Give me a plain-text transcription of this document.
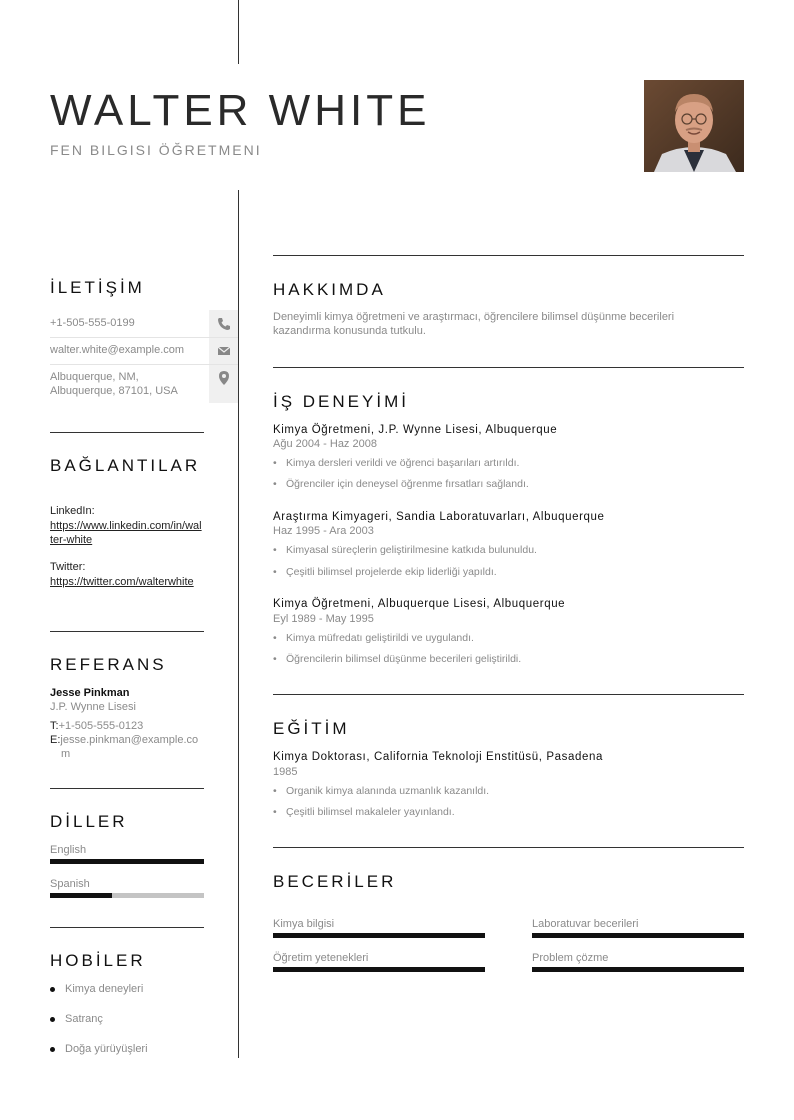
WALTER WHITE
FEN BILGISI ÖĞRETMENI
İLETİŞİM
+1-505-555-0199
walter.white@example.com
Albuquerque, NM,
Albuquerque, 87101, USA
BAĞLANTILAR
LinkedIn:
https://www.linkedin.com/in/walter-white
Twitter:
https://twitter.com/walterwhite
REFERANS
Jesse Pinkman
J.P. Wynne Lisesi
T:+1-505-555-0123
E:jesse.pinkman@example.com
DİLLER
English
Spanish
HOBİLER
Kimya deneyleri
Satranç
Doğa yürüyüşleri
HAKKIMDA
Deneyimli kimya öğretmeni ve araştırmacı, öğrencilere bilimsel düşünme becerileri kazandırma konusunda tutkulu.
İŞ DENEYİMİ
Kimya Öğretmeni, J.P. Wynne Lisesi, Albuquerque
Ağu 2004 - Haz 2008
• Kimya dersleri verildi ve öğrenci başarıları artırıldı.
• Öğrenciler için deneysel öğrenme fırsatları sağlandı.
Araştırma Kimyageri, Sandia Laboratuvarları, Albuquerque
Haz 1995 - Ara 2003
• Kimyasal süreçlerin geliştirilmesine katkıda bulunuldu.
• Çeşitli bilimsel projelerde ekip liderliği yapıldı.
Kimya Öğretmeni, Albuquerque Lisesi, Albuquerque
Eyl 1989 - May 1995
• Kimya müfredatı geliştirildi ve uygulandı.
• Öğrencilerin bilimsel düşünme becerileri geliştirildi.
EĞİTİM
Kimya Doktorası, California Teknoloji Enstitüsü, Pasadena
1985
• Organik kimya alanında uzmanlık kazanıldı.
• Çeşitli bilimsel makaleler yayınlandı.
BECERİLER
Kimya bilgisi	Laboratuvar becerileri
Öğretim yetenekleri	Problem çözme
